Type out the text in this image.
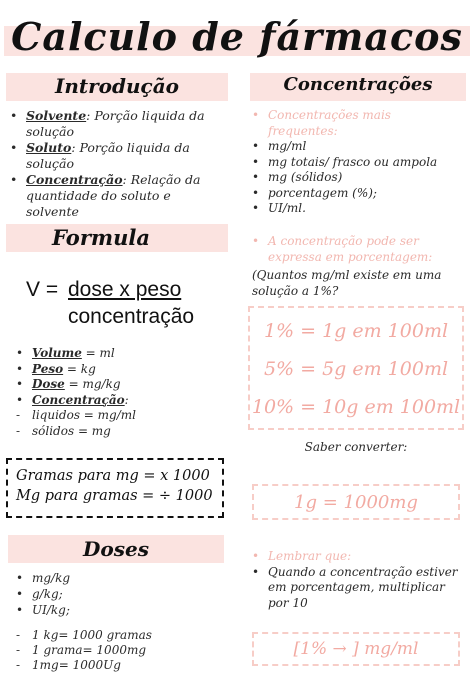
Calculo de fármacos
Introdução
• Solvente: Porção liquida da solução
• Soluto: Porção liquida da solução
• Concentração: Relação da quantidade do soluto e solvente
Formula
V = dose x peso
concentração
• Volume = ml
• Peso = kg
• Dose = mg/kg
• Concentração:
- liquidos = mg/ml
- sólidos = mg
Gramas para mg = x 1000
Mg para gramas = ÷ 1000
Doses
• mg/kg
• g/kg;
• UI/kg;
- 1 kg= 1000 gramas
- 1 grama= 1000mg
- 1mg= 1000Ug
Concentrações
• Concentrações mais frequentes:
• mg/ml
• mg totais/ frasco ou ampola
• mg (sólidos)
• porcentagem (%);
• UI/ml.
• A concentração pode ser expressa em porcentagem:
(Quantos mg/ml existe em uma solução a 1%?
1% = 1g em 100ml
5% = 5g em 100ml
10% = 10g em 100ml
Saber converter:
1g = 1000mg
• Lembrar que:
• Quando a concentração estiver em porcentagem, multiplicar por 10
[1% → ] mg/ml
